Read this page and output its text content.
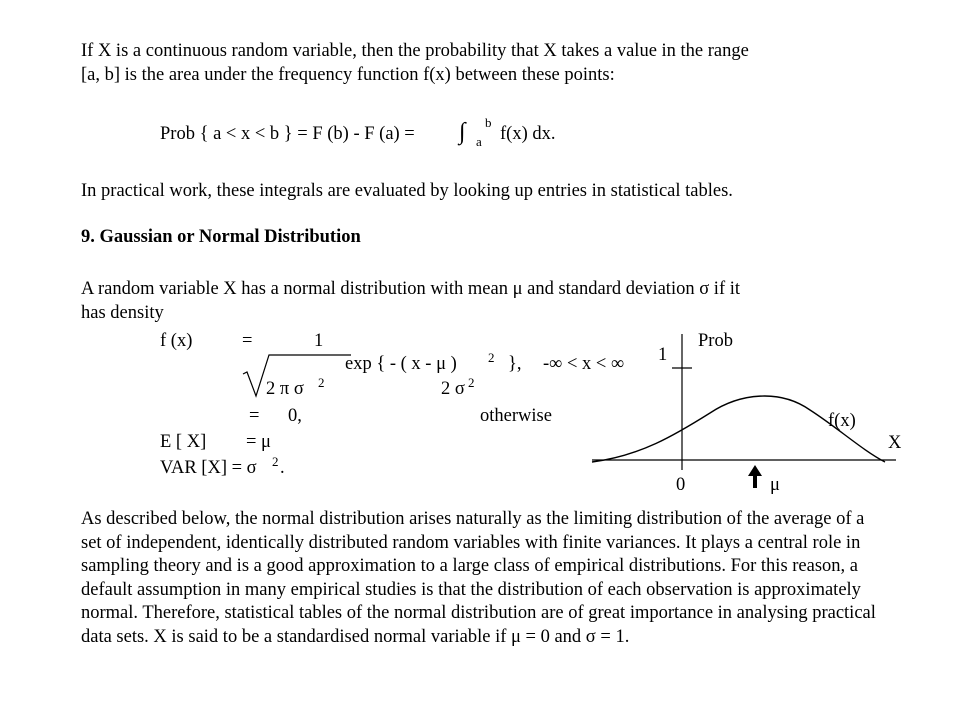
If X is a continuous random variable, then the probability that X takes a value in the range
[a, b] is the area under the frequency function f(x) between these points:
Prob { a < x < b } = F (b) - F (a) = ∫ a
b
f(x) dx.
In practical work, these integrals are evaluated by looking up entries in statistical tables.
9. Gaussian or Normal Distribution
A random variable X has a normal distribution with mean μ and standard deviation σ if it
has density
f (x)	=	1
exp { - ( x - μ ) 2 }, -∞ < x < ∞
2 π σ 2	2 σ 2
= 0,	otherwise
E [ X] = μ
VAR [X] = σ 2 .
Prob
1
f(x)
X
0	μ
As described below, the normal distribution arises naturally as the limiting distribution of the average of a set of independent, identically distributed random variables with finite variances. It plays a central role in sampling theory and is a good approximation to a large class of empirical distributions. For this reason, a default assumption in many empirical studies is that the distribution of each observation is approximately normal. Therefore, statistical tables of the normal distribution are of great importance in analysing practical data sets. X is said to be a standardised normal variable if μ = 0 and σ = 1.
